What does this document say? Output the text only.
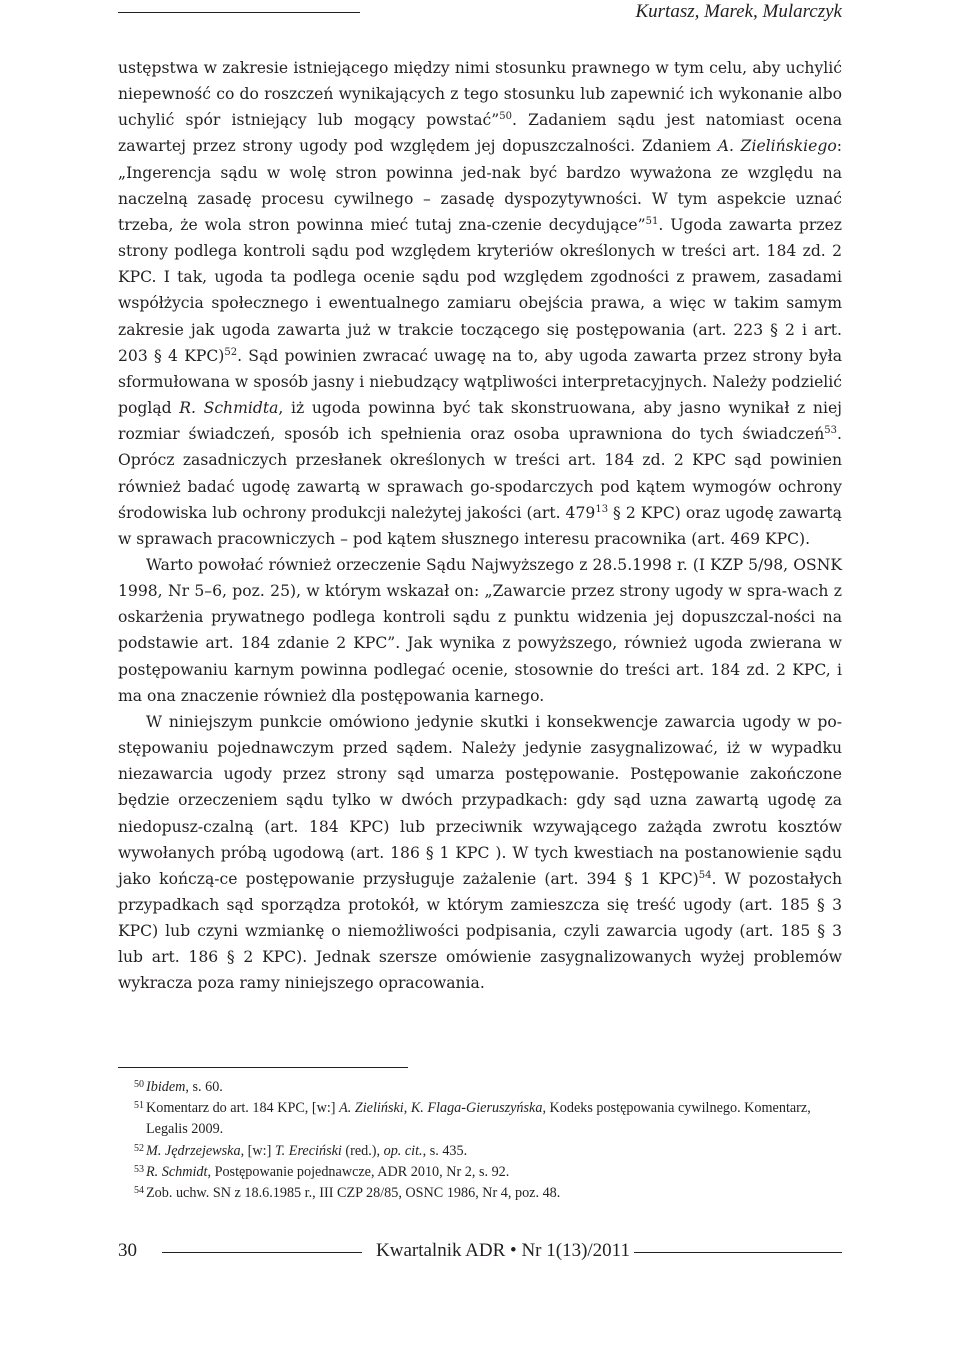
Kurtasz, Marek, Mularczyk

ustępstwa w zakresie istniejącego między nimi stosunku prawnego w tym celu, aby uchylić niepewność co do roszczeń wynikających z tego stosunku lub zapewnić ich wykonanie albo uchylić spór istniejący lub mogący powstać”$^{50}$. Zadaniem sądu jest natomiast ocena zawartej przez strony ugody pod względem jej dopuszczalności. Zdaniem A. Zielińskiego: „Ingerencja sądu w wolę stron powinna jed-nak być bardzo wyważona ze względu na naczelną zasadę procesu cywilnego – zasadę dyspozytywności. W tym aspekcie uznać trzeba, że wola stron powinna mieć tutaj zna-czenie decydujące”$^{51}$. Ugoda zawarta przez strony podlega kontroli sądu pod względem kryteriów określonych w treści art. 184 zd. 2 KPC. I tak, ugoda ta podlega ocenie sądu pod względem zgodności z prawem, zasadami współżycia społecznego i ewentualnego zamiaru obejścia prawa, a więc w takim samym zakresie jak ugoda zawarta już w trakcie toczącego się postępowania (art. 223 § 2 i art. 203 § 4 KPC)$^{52}$. Sąd powinien zwracać uwagę na to, aby ugoda zawarta przez strony była sformułowana w sposób jasny i niebudzący wątpliwości interpretacyjnych. Należy podzielić pogląd R. Schmidta, iż ugoda powinna być tak skonstruowana, aby jasno wynikał z niej rozmiar świadczeń, sposób ich spełnienia oraz osoba uprawniona do tych świadczeń$^{53}$. Oprócz zasadniczych przesłanek określonych w treści art. 184 zd. 2 KPC sąd powinien również badać ugodę zawartą w sprawach go-spodarczych pod kątem wymogów ochrony środowiska lub ochrony produkcji należytej jakości (art. $479^{13}$ § 2 KPC) oraz ugodę zawartą w sprawach pracowniczych – pod kątem słusznego interesu pracownika (art. 469 KPC).

Warto powołać również orzeczenie Sądu Najwyższego z 28.5.1998 r. (I KZP 5/98, OSNK 1998, Nr 5–6, poz. 25), w którym wskazał on: „Zawarcie przez strony ugody w spra-wach z oskarżenia prywatnego podlega kontroli sądu z punktu widzenia jej dopuszczal-ności na podstawie art. 184 zdanie 2 KPC”. Jak wynika z powyższego, również ugoda zwierana w postępowaniu karnym powinna podlegać ocenie, stosownie do treści art. 184 zd. 2 KPC, i ma ona znaczenie również dla postępowania karnego.

W niniejszym punkcie omówiono jedynie skutki i konsekwencje zawarcia ugody w po-stępowaniu pojednawczym przed sądem. Należy jedynie zasygnalizować, iż w wypadku niezawarcia ugody przez strony sąd umarza postępowanie. Postępowanie zakończone będzie orzeczeniem sądu tylko w dwóch przypadkach: gdy sąd uzna zawartą ugodę za niedopusz-czalną (art. 184 KPC) lub przeciwnik wzywającego zażąda zwrotu kosztów wywołanych próbą ugodową (art. 186 § 1 KPC ). W tych kwestiach na postanowienie sądu jako kończą-ce postępowanie przysługuje zażalenie (art. 394 § 1 KPC)$^{54}$. W pozostałych przypadkach sąd sporządza protokół, w którym zamieszcza się treść ugody (art. 185 § 3 KPC) lub czyni wzmiankę o niemożliwości podpisania, czyli zawarcia ugody (art. 185 § 3 lub art. 186 § 2 KPC). Jednak szersze omówienie zasygnalizowanych wyżej problemów wykracza poza ramy niniejszego opracowania.

50 Ibidem, s. 60.

51 Komentarz do art. 184 KPC, [w:] A. Zieliński, K. Flaga-Gieruszyńska, Kodeks postępowania cywilnego. Komentarz, Legalis 2009.

52 M. Jędrzejewska, [w:] T. Ereciński (red.), op. cit., s. 435.

53 R. Schmidt, Postępowanie pojednawcze, ADR 2010, Nr 2, s. 92.

54 Zob. uchw. SN z 18.6.1985 r., III CZP 28/85, OSNC 1986, Nr 4, poz. 48.

30	Kwartalnik ADR • Nr 1(13)/2011
